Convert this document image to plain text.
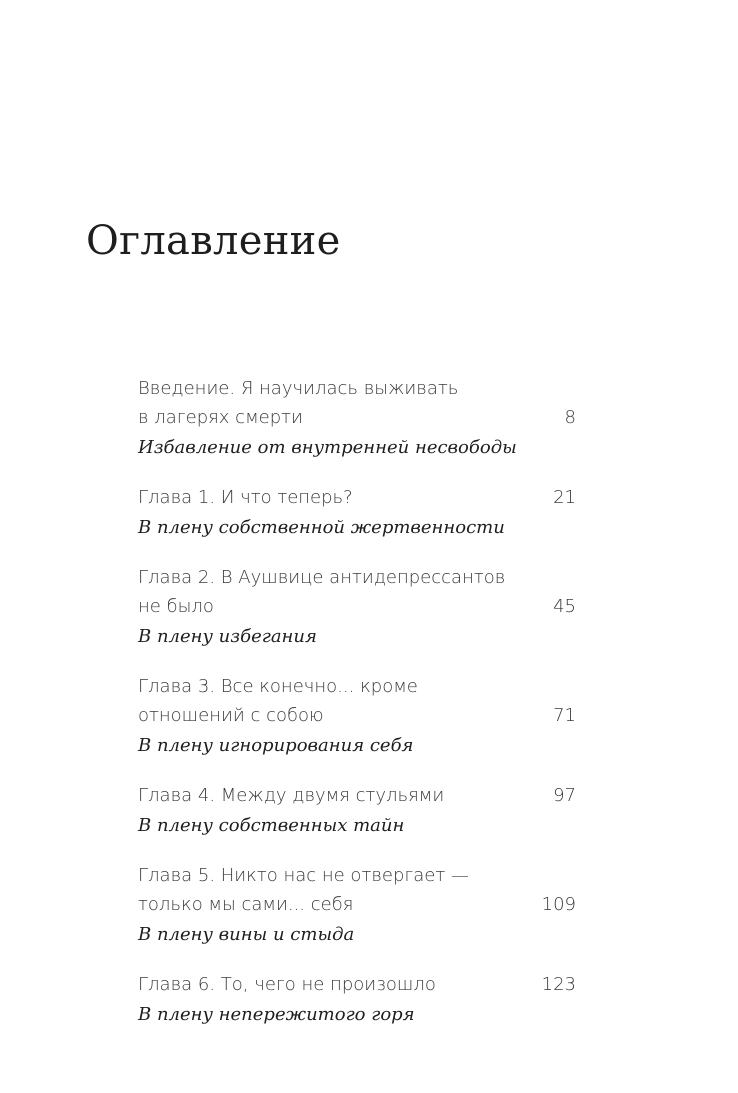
Оглавление
Введение. Я научилась выживать
в лагерях смерти	8
Избавление от внутренней несвободы
Глава 1. И что теперь?	21
В плену собственной жертвенности
Глава 2. В Аушвице антидепрессантов
не было	45
В плену избегания
Глава 3. Все конечно... кроме
отношений с собою	71
В плену игнорирования себя
Глава 4. Между двумя стульями	97
В плену собственных тайн
Глава 5. Никто нас не отвергает —
только мы сами... себя	109
В плену вины и стыда
Глава 6. То, чего не произошло	123
В плену непережитого горя
